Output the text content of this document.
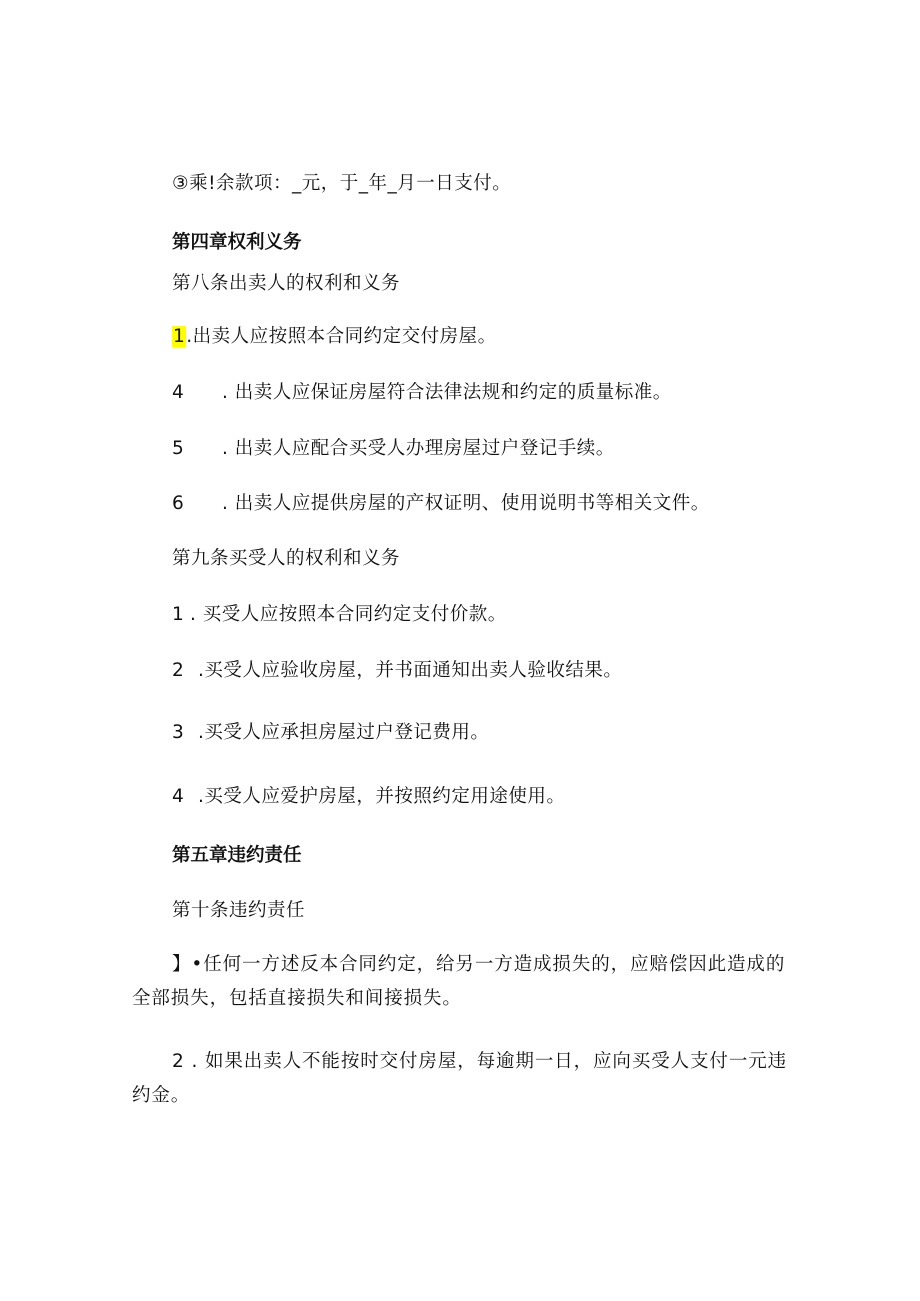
③乘!余款项：_元，于_年_月一日支付。
第四章权利义务
第八条出卖人的权利和义务
1.出卖人应按照本合同约定交付房屋。
4 . 出卖人应保证房屋符合法律法规和约定的质量标准。
5 . 出卖人应配合买受人办理房屋过户登记手续。
6 . 出卖人应提供房屋的产权证明、使用说明书等相关文件。
第九条买受人的权利和义务
1 . 买受人应按照本合同约定支付价款。
2 .买受人应验收房屋，并书面通知出卖人验收结果。
3 .买受人应承担房屋过户登记费用。
4 .买受人应爱护房屋，并按照约定用途使用。
第五章违约责任
第十条违约责任
】•任何一方述反本合同约定，给另一方造成损失的，应赔偿因此造成的全部损失，包括直接损失和间接损失。
2 . 如果出卖人不能按时交付房屋，每逾期一日，应向买受人支付一元违约金。
